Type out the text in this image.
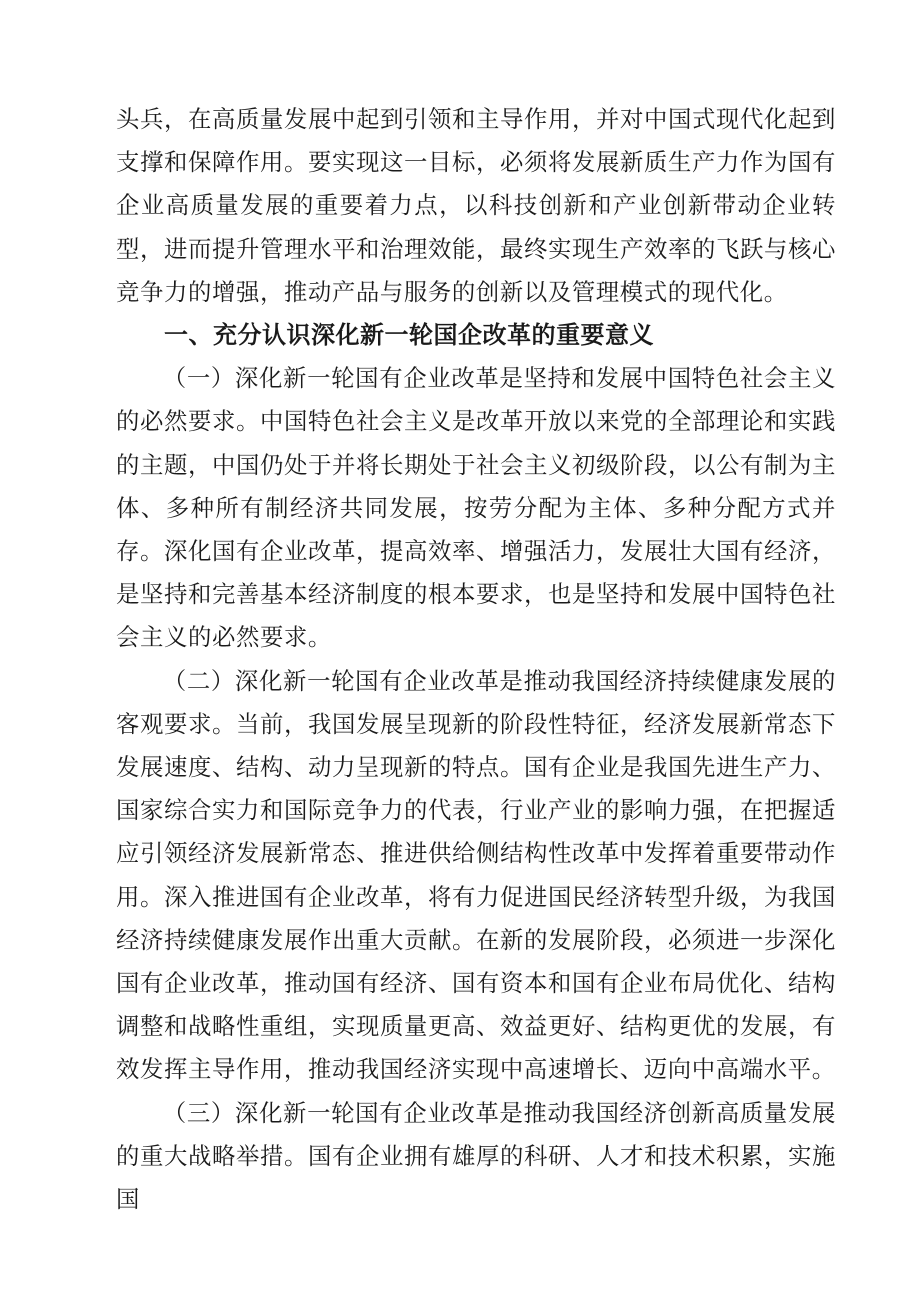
头兵，在高质量发展中起到引领和主导作用，并对中国式现代化起到支撑和保障作用。要实现这一目标，必须将发展新质生产力作为国有企业高质量发展的重要着力点，以科技创新和产业创新带动企业转型，进而提升管理水平和治理效能，最终实现生产效率的飞跃与核心竞争力的增强，推动产品与服务的创新以及管理模式的现代化。

一、充分认识深化新一轮国企改革的重要意义

（一）深化新一轮国有企业改革是坚持和发展中国特色社会主义的必然要求。中国特色社会主义是改革开放以来党的全部理论和实践的主题，中国仍处于并将长期处于社会主义初级阶段，以公有制为主体、多种所有制经济共同发展，按劳分配为主体、多种分配方式并存。深化国有企业改革，提高效率、增强活力，发展壮大国有经济，是坚持和完善基本经济制度的根本要求，也是坚持和发展中国特色社会主义的必然要求。

（二）深化新一轮国有企业改革是推动我国经济持续健康发展的客观要求。当前，我国发展呈现新的阶段性特征，经济发展新常态下发展速度、结构、动力呈现新的特点。国有企业是我国先进生产力、国家综合实力和国际竞争力的代表，行业产业的影响力强，在把握适应引领经济发展新常态、推进供给侧结构性改革中发挥着重要带动作用。深入推进国有企业改革，将有力促进国民经济转型升级，为我国经济持续健康发展作出重大贡献。在新的发展阶段，必须进一步深化国有企业改革，推动国有经济、国有资本和国有企业布局优化、结构调整和战略性重组，实现质量更高、效益更好、结构更优的发展，有效发挥主导作用，推动我国经济实现中高速增长、迈向中高端水平。

（三）深化新一轮国有企业改革是推动我国经济创新高质量发展的重大战略举措。国有企业拥有雄厚的科研、人才和技术积累，实施国
